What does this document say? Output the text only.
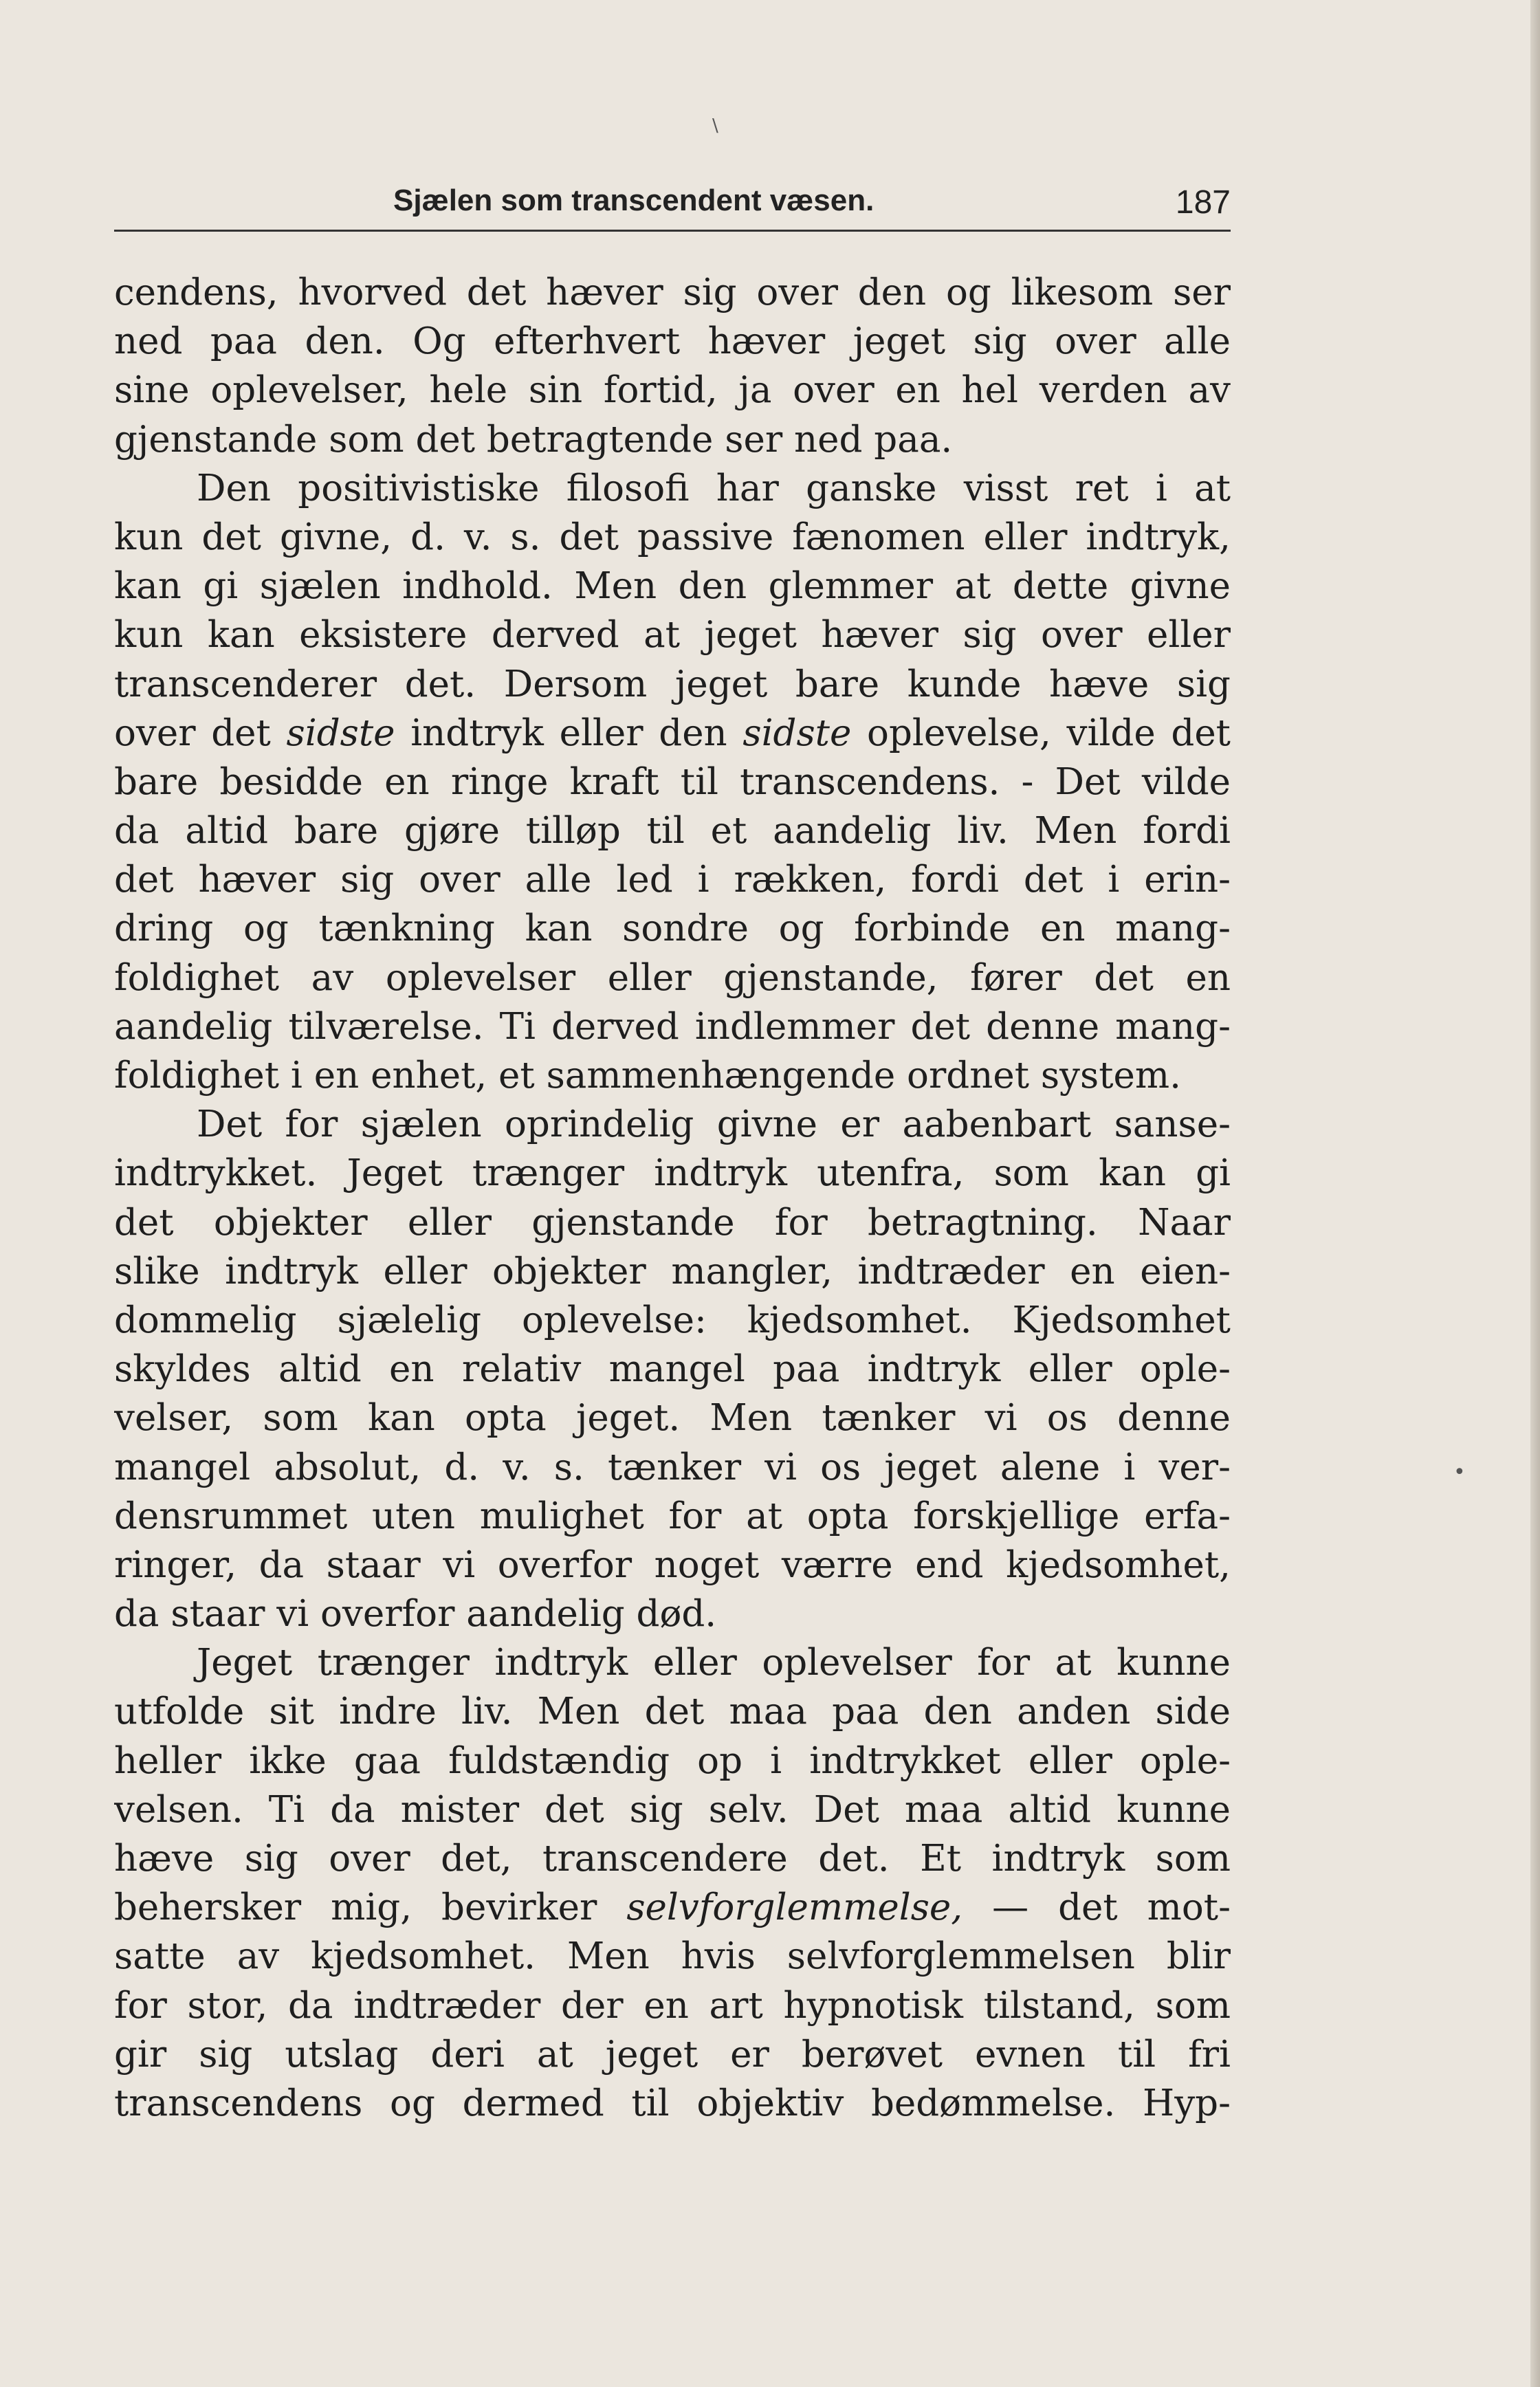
Sjælen som transcendent væsen.	187
\
•
cendens, hvorved det hæver sig over den og likesom ser
ned paa den. Og efterhvert hæver jeget sig over alle
sine oplevelser, hele sin fortid, ja over en hel verden av
gjenstande som det betragtende ser ned paa.
Den positivistiske filosofi har ganske visst ret i at
kun det givne, d. v. s. det passive fænomen eller indtryk,
kan gi sjælen indhold. Men den glemmer at dette givne
kun kan eksistere derved at jeget hæver sig over eller
transcenderer det. Dersom jeget bare kunde hæve sig
over det sidste indtryk eller den sidste oplevelse, vilde det
bare besidde en ringe kraft til transcendens. - Det vilde
da altid bare gjøre tilløp til et aandelig liv. Men fordi
det hæver sig over alle led i rækken, fordi det i erin-
dring og tænkning kan sondre og forbinde en mang-
foldighet av oplevelser eller gjenstande, fører det en
aandelig tilværelse. Ti derved indlemmer det denne mang-
foldighet i en enhet, et sammenhængende ordnet system.
Det for sjælen oprindelig givne er aabenbart sanse-
indtrykket. Jeget trænger indtryk utenfra, som kan gi
det objekter eller gjenstande for betragtning. Naar
slike indtryk eller objekter mangler, indtræder en eien-
dommelig sjælelig oplevelse: kjedsomhet. Kjedsomhet
skyldes altid en relativ mangel paa indtryk eller ople-
velser, som kan opta jeget. Men tænker vi os denne
mangel absolut, d. v. s. tænker vi os jeget alene i ver-
densrummet uten mulighet for at opta forskjellige erfa-
ringer, da staar vi overfor noget værre end kjedsomhet,
da staar vi overfor aandelig død.
Jeget trænger indtryk eller oplevelser for at kunne
utfolde sit indre liv. Men det maa paa den anden side
heller ikke gaa fuldstændig op i indtrykket eller ople-
velsen. Ti da mister det sig selv. Det maa altid kunne
hæve sig over det, transcendere det. Et indtryk som
behersker mig, bevirker selvforglemmelse, — det mot-
satte av kjedsomhet. Men hvis selvforglemmelsen blir
for stor, da indtræder der en art hypnotisk tilstand, som
gir sig utslag deri at jeget er berøvet evnen til fri
transcendens og dermed til objektiv bedømmelse. Hyp-
